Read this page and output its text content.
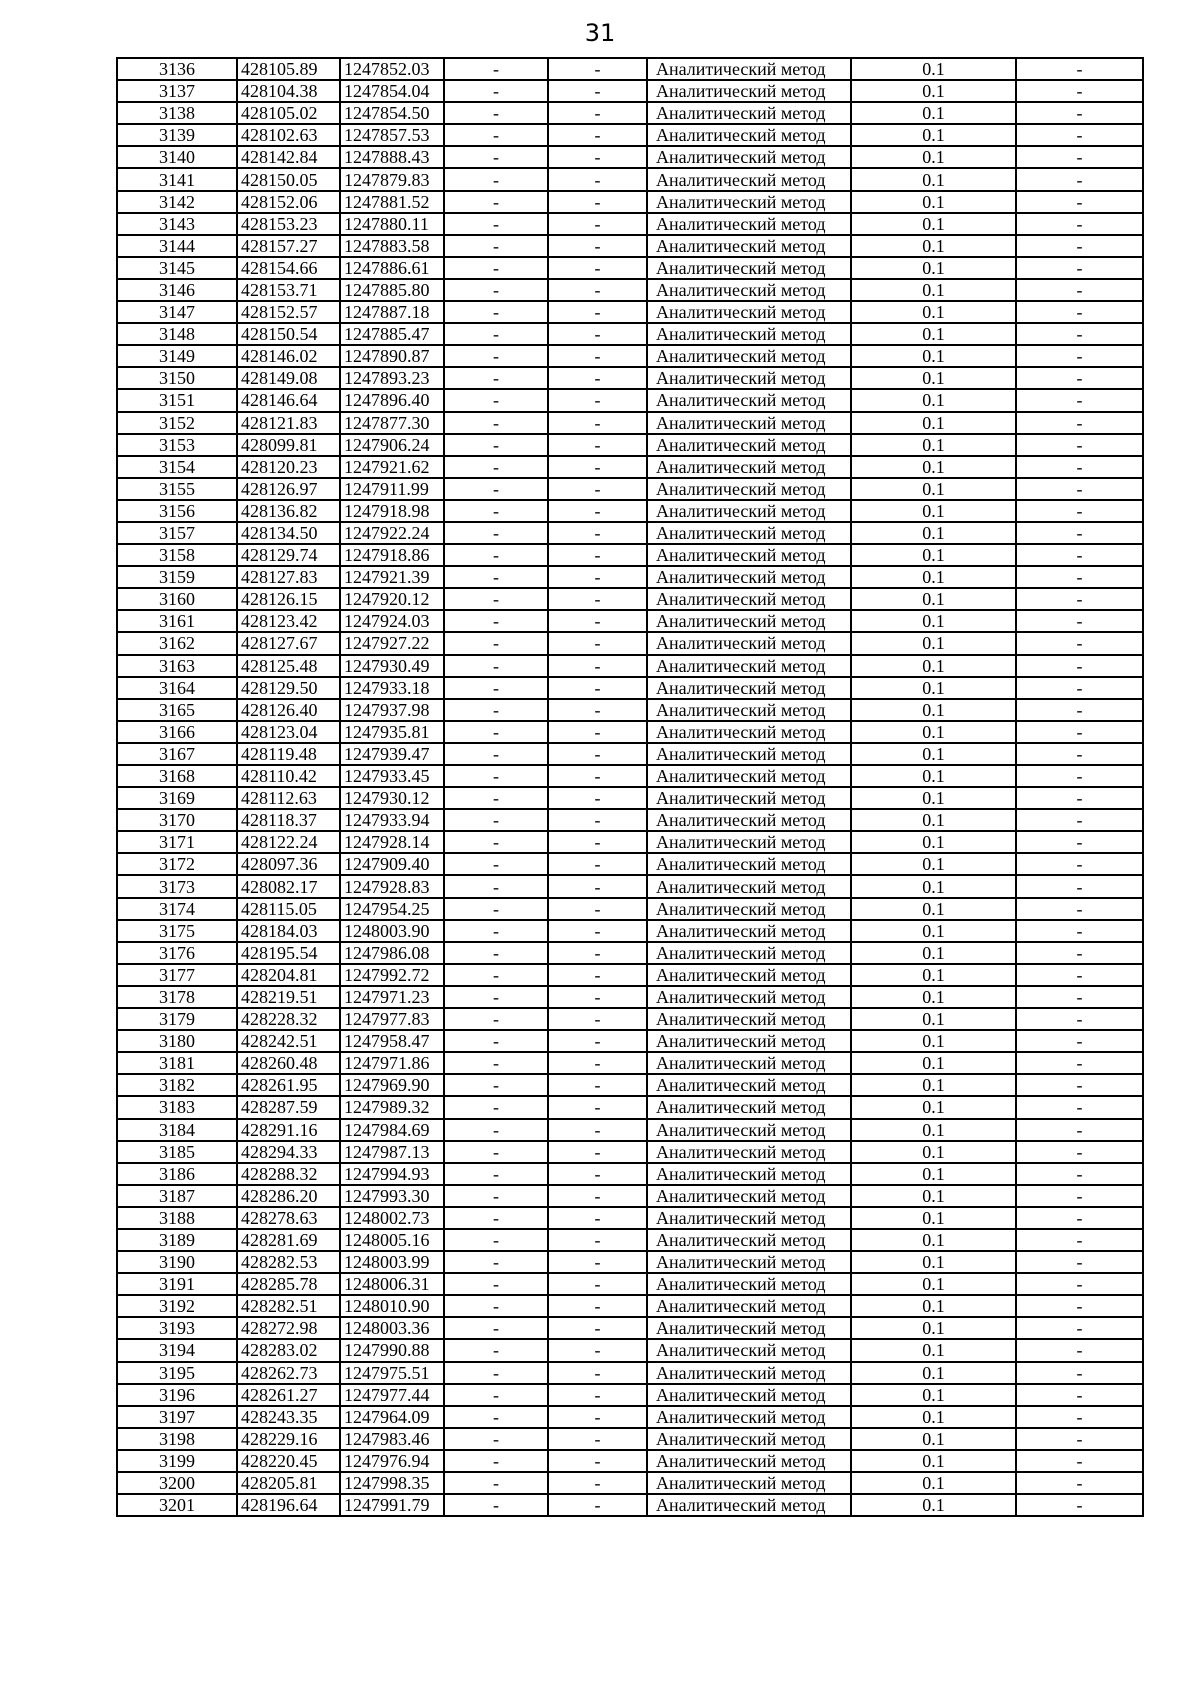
31
3136	428105.89	1247852.03	-	-	Аналитический метод	0.1	-
3137	428104.38	1247854.04	-	-	Аналитический метод	0.1	-
3138	428105.02	1247854.50	-	-	Аналитический метод	0.1	-
3139	428102.63	1247857.53	-	-	Аналитический метод	0.1	-
3140	428142.84	1247888.43	-	-	Аналитический метод	0.1	-
3141	428150.05	1247879.83	-	-	Аналитический метод	0.1	-
3142	428152.06	1247881.52	-	-	Аналитический метод	0.1	-
3143	428153.23	1247880.11	-	-	Аналитический метод	0.1	-
3144	428157.27	1247883.58	-	-	Аналитический метод	0.1	-
3145	428154.66	1247886.61	-	-	Аналитический метод	0.1	-
3146	428153.71	1247885.80	-	-	Аналитический метод	0.1	-
3147	428152.57	1247887.18	-	-	Аналитический метод	0.1	-
3148	428150.54	1247885.47	-	-	Аналитический метод	0.1	-
3149	428146.02	1247890.87	-	-	Аналитический метод	0.1	-
3150	428149.08	1247893.23	-	-	Аналитический метод	0.1	-
3151	428146.64	1247896.40	-	-	Аналитический метод	0.1	-
3152	428121.83	1247877.30	-	-	Аналитический метод	0.1	-
3153	428099.81	1247906.24	-	-	Аналитический метод	0.1	-
3154	428120.23	1247921.62	-	-	Аналитический метод	0.1	-
3155	428126.97	1247911.99	-	-	Аналитический метод	0.1	-
3156	428136.82	1247918.98	-	-	Аналитический метод	0.1	-
3157	428134.50	1247922.24	-	-	Аналитический метод	0.1	-
3158	428129.74	1247918.86	-	-	Аналитический метод	0.1	-
3159	428127.83	1247921.39	-	-	Аналитический метод	0.1	-
3160	428126.15	1247920.12	-	-	Аналитический метод	0.1	-
3161	428123.42	1247924.03	-	-	Аналитический метод	0.1	-
3162	428127.67	1247927.22	-	-	Аналитический метод	0.1	-
3163	428125.48	1247930.49	-	-	Аналитический метод	0.1	-
3164	428129.50	1247933.18	-	-	Аналитический метод	0.1	-
3165	428126.40	1247937.98	-	-	Аналитический метод	0.1	-
3166	428123.04	1247935.81	-	-	Аналитический метод	0.1	-
3167	428119.48	1247939.47	-	-	Аналитический метод	0.1	-
3168	428110.42	1247933.45	-	-	Аналитический метод	0.1	-
3169	428112.63	1247930.12	-	-	Аналитический метод	0.1	-
3170	428118.37	1247933.94	-	-	Аналитический метод	0.1	-
3171	428122.24	1247928.14	-	-	Аналитический метод	0.1	-
3172	428097.36	1247909.40	-	-	Аналитический метод	0.1	-
3173	428082.17	1247928.83	-	-	Аналитический метод	0.1	-
3174	428115.05	1247954.25	-	-	Аналитический метод	0.1	-
3175	428184.03	1248003.90	-	-	Аналитический метод	0.1	-
3176	428195.54	1247986.08	-	-	Аналитический метод	0.1	-
3177	428204.81	1247992.72	-	-	Аналитический метод	0.1	-
3178	428219.51	1247971.23	-	-	Аналитический метод	0.1	-
3179	428228.32	1247977.83	-	-	Аналитический метод	0.1	-
3180	428242.51	1247958.47	-	-	Аналитический метод	0.1	-
3181	428260.48	1247971.86	-	-	Аналитический метод	0.1	-
3182	428261.95	1247969.90	-	-	Аналитический метод	0.1	-
3183	428287.59	1247989.32	-	-	Аналитический метод	0.1	-
3184	428291.16	1247984.69	-	-	Аналитический метод	0.1	-
3185	428294.33	1247987.13	-	-	Аналитический метод	0.1	-
3186	428288.32	1247994.93	-	-	Аналитический метод	0.1	-
3187	428286.20	1247993.30	-	-	Аналитический метод	0.1	-
3188	428278.63	1248002.73	-	-	Аналитический метод	0.1	-
3189	428281.69	1248005.16	-	-	Аналитический метод	0.1	-
3190	428282.53	1248003.99	-	-	Аналитический метод	0.1	-
3191	428285.78	1248006.31	-	-	Аналитический метод	0.1	-
3192	428282.51	1248010.90	-	-	Аналитический метод	0.1	-
3193	428272.98	1248003.36	-	-	Аналитический метод	0.1	-
3194	428283.02	1247990.88	-	-	Аналитический метод	0.1	-
3195	428262.73	1247975.51	-	-	Аналитический метод	0.1	-
3196	428261.27	1247977.44	-	-	Аналитический метод	0.1	-
3197	428243.35	1247964.09	-	-	Аналитический метод	0.1	-
3198	428229.16	1247983.46	-	-	Аналитический метод	0.1	-
3199	428220.45	1247976.94	-	-	Аналитический метод	0.1	-
3200	428205.81	1247998.35	-	-	Аналитический метод	0.1	-
3201	428196.64	1247991.79	-	-	Аналитический метод	0.1	-
